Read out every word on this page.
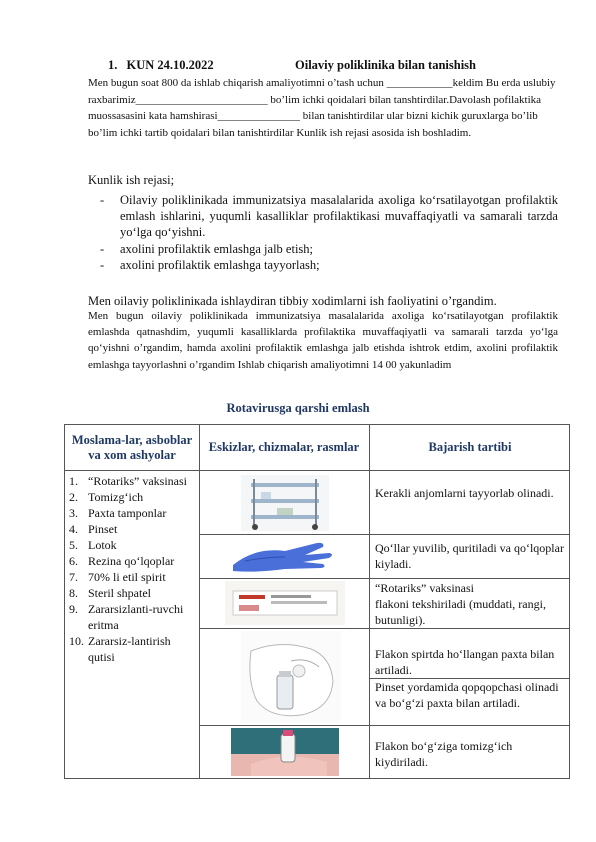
1. KUN 24.10.2022	Oilaviy poliklinika bilan tanishish

Men bugun soat 800 da ishlab chiqarish amaliyotimni o’tash uchun ____________keldim Bu erda uslubiy raxbarimiz________________________ bo’lim ichki qoidalari bilan tanshtirdilar.Davolash pofilaktika muossasasini kata hamshirasi_______________ bilan tanishtirdilar ular bizni kichik guruxlarga bo’lib bo’lim ichki tartib qoidalari bilan tanishtirdilar Kunlik ish rejasi asosida ish boshladim.

Kunlik ish rejasi;

- Oilaviy poliklinikada immunizatsiya masalalarida axoliga ko‘rsatilayotgan profilaktik emlash ishlarini, yuqumli kasalliklar profilaktikasi muvaffaqiyatli va samarali tarzda yo‘lga qo‘yishni.
- axolini profilaktik emlashga jalb etish;
- axolini profilaktik emlashga tayyorlash;

Men oilaviy poliкliniкada ishlaydiran tibbiy xodimlarni ish faoliyatini o’rgandim.

Men bugun oilaviy poliklinikada immunizatsiya masalalarida axoliga ko‘rsatilayotgan profilaktik emlashda qatnashdim, yuqumli kasalliklarda profilaktika muvaffaqiyatli va samarali tarzda yo‘lga qo‘yishni o’rgandim, hamda axolini profilaktik emlashga jalb etishda ishtrok etdim, axolini profilaktik emlashga tayyorlashni o’rgandim Ishlab chiqarish amaliyotimni 14 00 yakunladim

Rotavirusga qarshi emlash
Moslama-lar, asboblar va xom ashyolar
Eskizlar, chizmalar, rasmlar	Bajarish tartibi
1. “Rotariks” vaksinasi
2. Tomizg‘ich
3. Paxta tamponlar
4. Pinset
5. Lotok
6. Rezina qo‘lqoplar
7. 70% li etil spirit
8. Steril shpatel
9. Zararsizlanti-ruvchi eritma
10. Zararsiz-lantirish qutisi
Kerakli anjomlarni tayyorlab olinadi.
Qo‘llar yuvilib, quritiladi va qo‘lqoplar kiyladi.
“Rotariks” vaksinasi
flakoni tekshiriladi (muddati, rangi, butunligi).
Flakon spirtda ho‘llangan paxta bilan artiladi.
Pinset yordamida qopqopchasi olinadi va bo‘g‘zi paxta bilan artiladi.
Flakon bo‘g‘ziga tomizg‘ich kiydiriladi.
